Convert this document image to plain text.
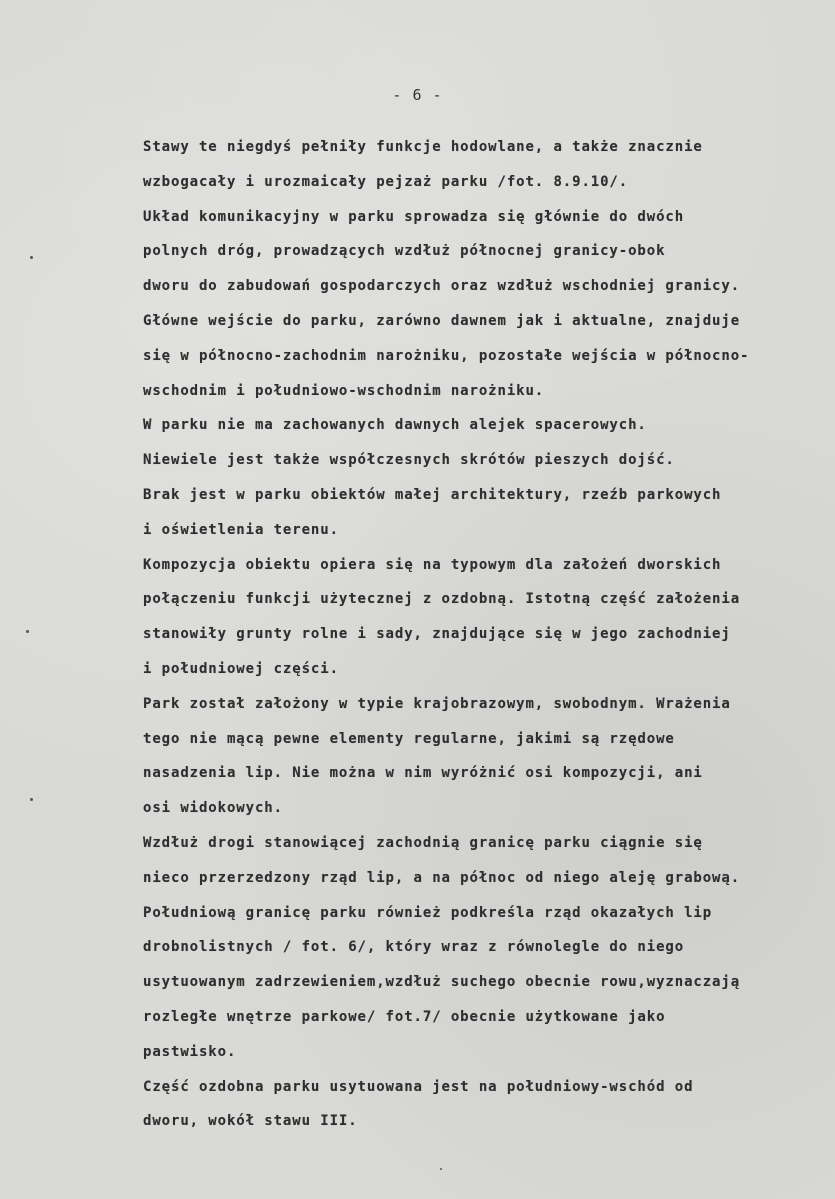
- 6 -
Stawy te niegdyś pełniły funkcje hodowlane, a także znacznie
wzbogacały i urozmaicały pejzaż parku /fot. 8.9.10/.
Układ komunikacyjny w parku sprowadza się głównie do dwóch
polnych dróg, prowadzących wzdłuż północnej granicy-obok
dworu do zabudowań gospodarczych oraz wzdłuż wschodniej granicy.
Główne wejście do parku, zarówno dawnem jak i aktualne, znajduje
się w północno-zachodnim narożniku, pozostałe wejścia w północno-
wschodnim i południowo-wschodnim narożniku.
W parku nie ma zachowanych dawnych alejek spacerowych.
Niewiele jest także współczesnych skrótów pieszych dojść.
Brak jest w parku obiektów małej architektury, rzeźb parkowych
i oświetlenia terenu.
Kompozycja obiektu opiera się na typowym dla założeń dworskich
połączeniu funkcji użytecznej z ozdobną. Istotną część założenia
stanowiły grunty rolne i sady, znajdujące się w jego zachodniej
i południowej części.
Park został założony w typie krajobrazowym, swobodnym. Wrażenia
tego nie mącą pewne elementy regularne, jakimi są rzędowe
nasadzenia lip. Nie można w nim wyróżnić osi kompozycji, ani
osi widokowych.
Wzdłuż drogi stanowiącej zachodnią granicę parku ciągnie się
nieco przerzedzony rząd lip, a na północ od niego aleję grabową.
Południową granicę parku również podkreśla rząd okazałych lip
drobnolistnych / fot. 6/, który wraz z równolegle do niego
usytuowanym zadrzewieniem,wzdłuż suchego obecnie rowu,wyznaczają
rozległe wnętrze parkowe/ fot.7/ obecnie użytkowane jako
pastwisko.
Część ozdobna parku usytuowana jest na południowy-wschód od
dworu, wokół stawu III.
